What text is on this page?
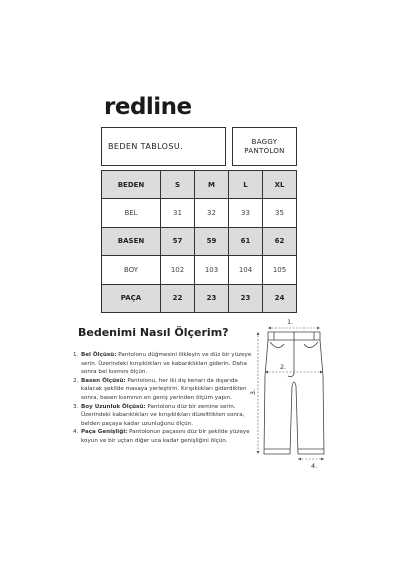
redline
BEDEN TABLOSU.
BAGGY
PANTOLON
BEDEN	S	M	L	XL
BEL	31	32	33	35
BASEN	57	59	61	62
BOY	102	103	104	105
PAÇA	22	23	23	24
Bedenimi Nasıl Ölçerim?
1. Bel Ölçüsü: Pantolonu düğmesini ilikleyin ve düz bir yüzeye serin. Üzerindeki kırışıklıkları ve kabarıklıkları giderin. Daha sonra bel kısmını ölçün.
2. Basen Ölçüsü: Pantolonu, her iki dış kenarı da dışarıda kalacak şekilde masaya yerleştirin. Kırışıklıkları giderdikten sonra, basen kısmının en geniş yerinden ölçüm yapın.
3. Boy Uzunluk Ölçüsü: Pantolonu düz bir zemine serin. Üzerindeki kabarıklıkları ve kırışıklıkları düzelttikten sonra, belden paçaya kadar uzunluğunu ölçün.
4. Paça Genişliği: Pantolonun paçasını düz bir şekilde yüzeye koyun ve bir uçtan diğer uca kadar genişliğini ölçün.
1.
2.
3.
4.
